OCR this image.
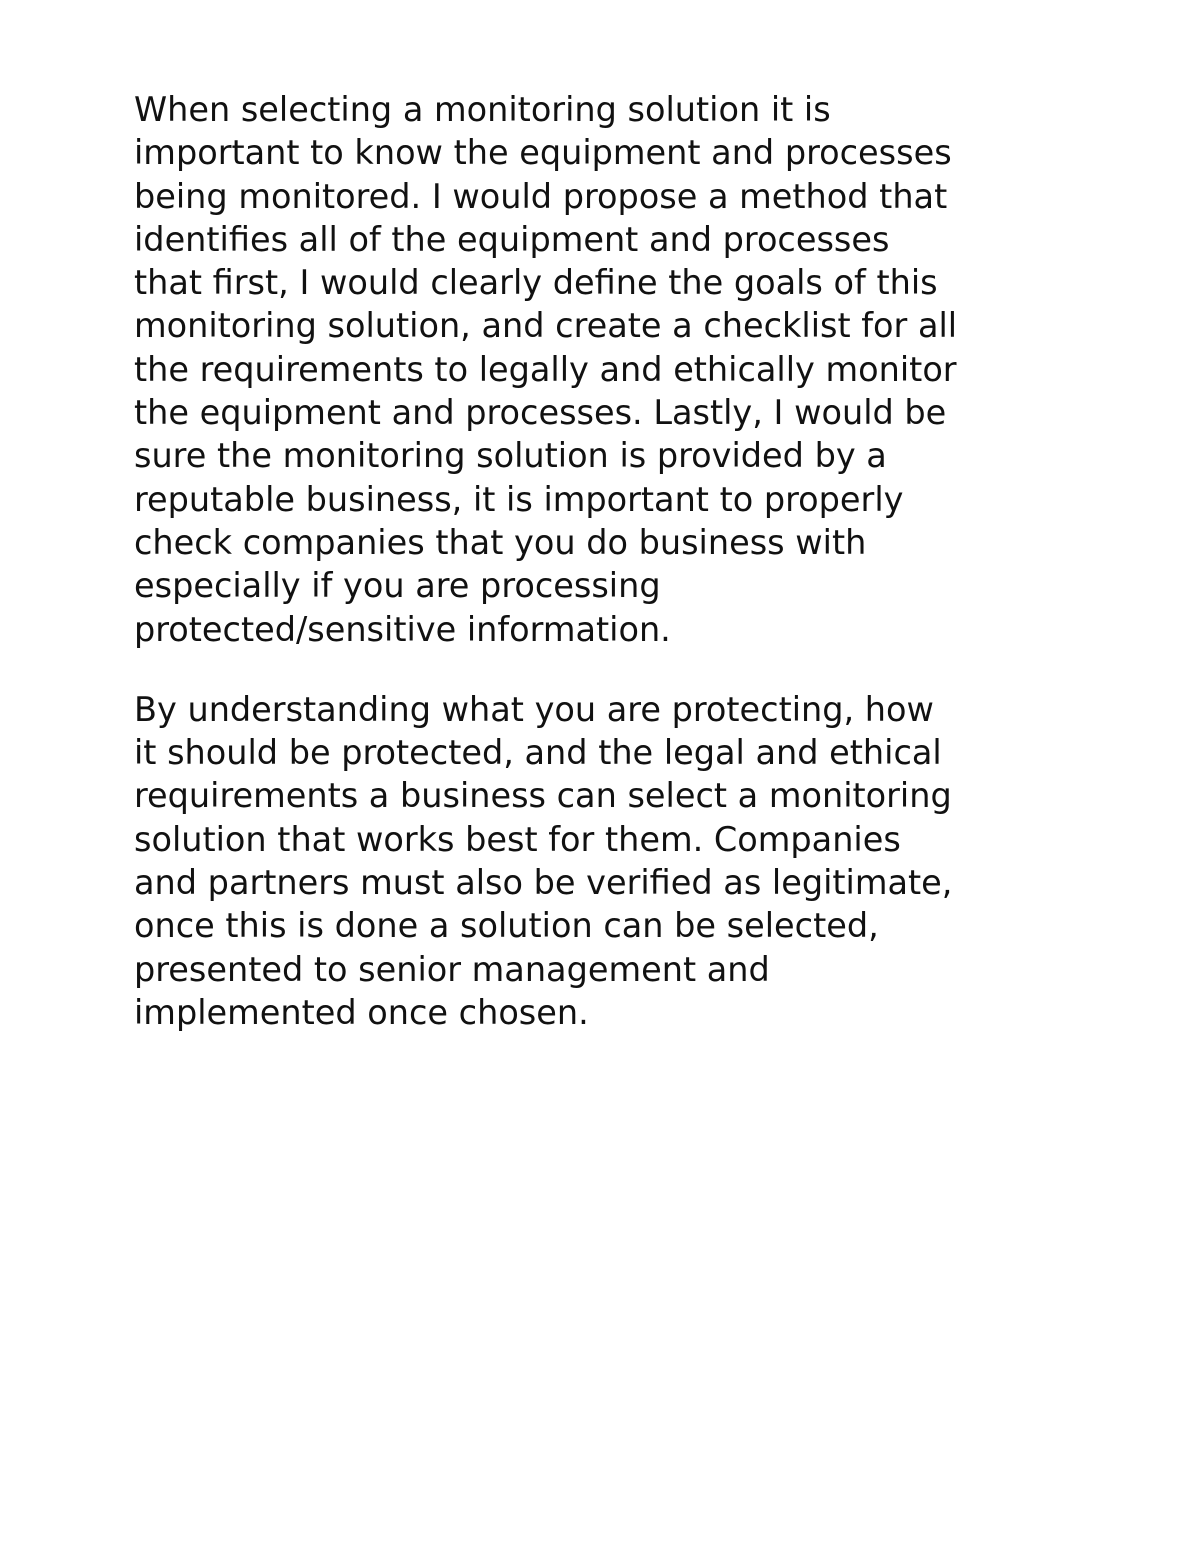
When selecting a monitoring solution it is
important to know the equipment and processes
being monitored. I would propose a method that
identifies all of the equipment and processes
that first, I would clearly define the goals of this
monitoring solution, and create a checklist for all
the requirements to legally and ethically monitor
the equipment and processes. Lastly, I would be
sure the monitoring solution is provided by a
reputable business, it is important to properly
check companies that you do business with
especially if you are processing
protected/sensitive information.
By understanding what you are protecting, how
it should be protected, and the legal and ethical
requirements a business can select a monitoring
solution that works best for them. Companies
and partners must also be verified as legitimate,
once this is done a solution can be selected,
presented to senior management and
implemented once chosen.
